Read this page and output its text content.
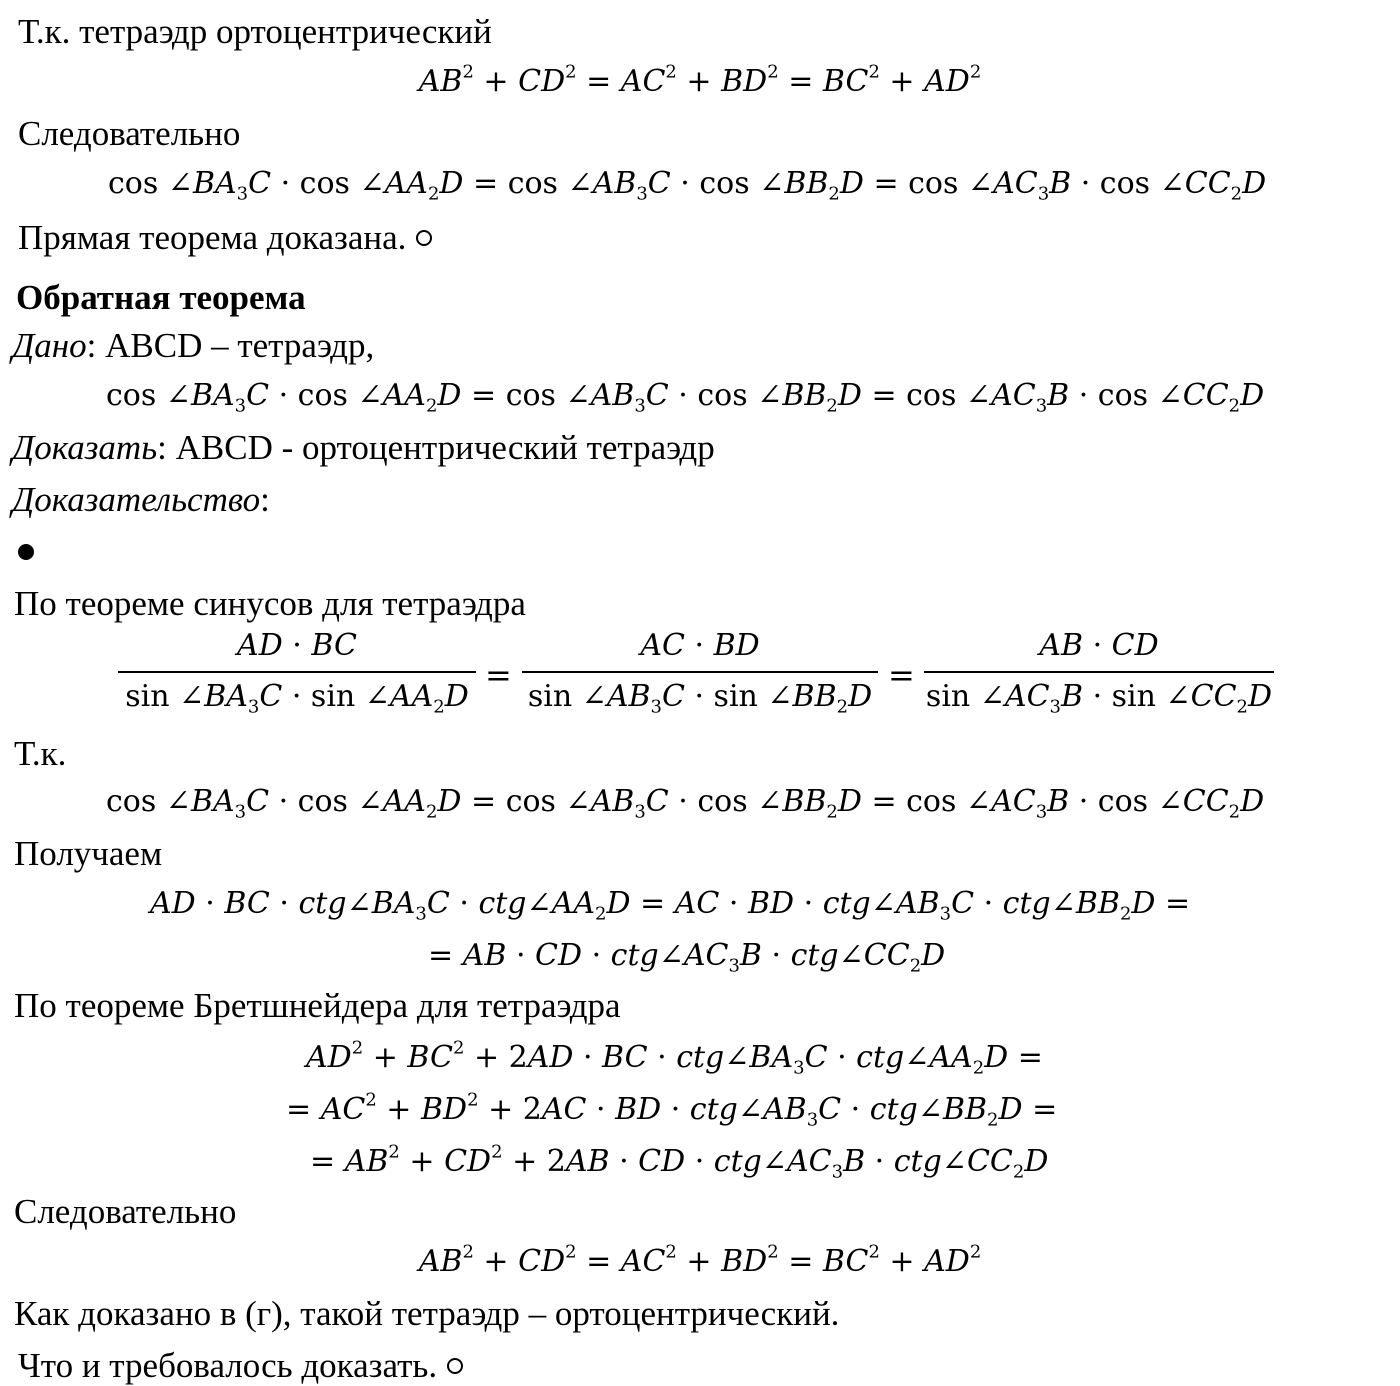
Т.к. тетраэдр ортоцентрический
$AB^2 + CD^2 = AC^2 + BD^2 = BC^2 + AD^2$
Следовательно
$\cos \angle BA_3C \cdot \cos$ $\angle AA_2D = \cos$ $\angle AB_3C \cdot \cos$ $\angle BB_2D = \cos$ $\angle AC_3B \cdot \cos$ $\angle CC_2D$
Прямая теорема доказана.
Обратная теорема
Дано: ABCD – тетраэдр,
$\cos \angle BA_3C \cdot \cos$ $\angle AA_2D = \cos$ $\angle AB_3C \cdot \cos$ $\angle BB_2D = \cos$ $\angle AC_3B \cdot \cos$ $\angle CC_2D$
Доказать: ABCD - ортоцентрический тетраэдр
Доказательство:
По теореме синусов для тетраэдра
AD · BC
$\sin \angle BA_3C \cdot \sin$ $\angle AA_2D$
=
AC · BD
$\sin \angle AB_3C \cdot \sin$ $\angle BB_2D$
=
AB · CD
$\sin \angle AC_3B \cdot \sin$ $\angle CC_2D$
Т.к.
$\cos \angle BA_3C \cdot \cos$ $\angle AA_2D = \cos$ $\angle AB_3C \cdot \cos$ $\angle BB_2D = \cos$ $\angle AC_3B \cdot \cos$ $\angle CC_2D$
Получаем
AD · BC · $ctg\angle BA_3C$ · $ctg\angle AA_2D$ = AC · BD · $ctg\angle AB_3C$ · $ctg\angle BB_2D$ =
= AB · CD · $ctg\angle AC_3B$ · $ctg\angle CC_2D$
По теореме Бретшнейдера для тетраэдра
$AD^2 + BC^2 + 2AD$ · BC · $ctg\angle BA_3C$ · $ctg\angle AA_2D$ =
= $AC^2 + BD^2 + 2AC$ · BD · $ctg\angle AB_3C$ · $ctg\angle BB_2D$ =
= $AB^2 + CD^2 + 2AB$ · CD · $ctg\angle AC_3B$ · $ctg\angle CC_2D$
Следовательно
$AB^2 + CD^2 = AC^2 + BD^2 = BC^2 + AD^2$
Как доказано в (г), такой тетраэдр – ортоцентрический.
Что и требовалось доказать.
